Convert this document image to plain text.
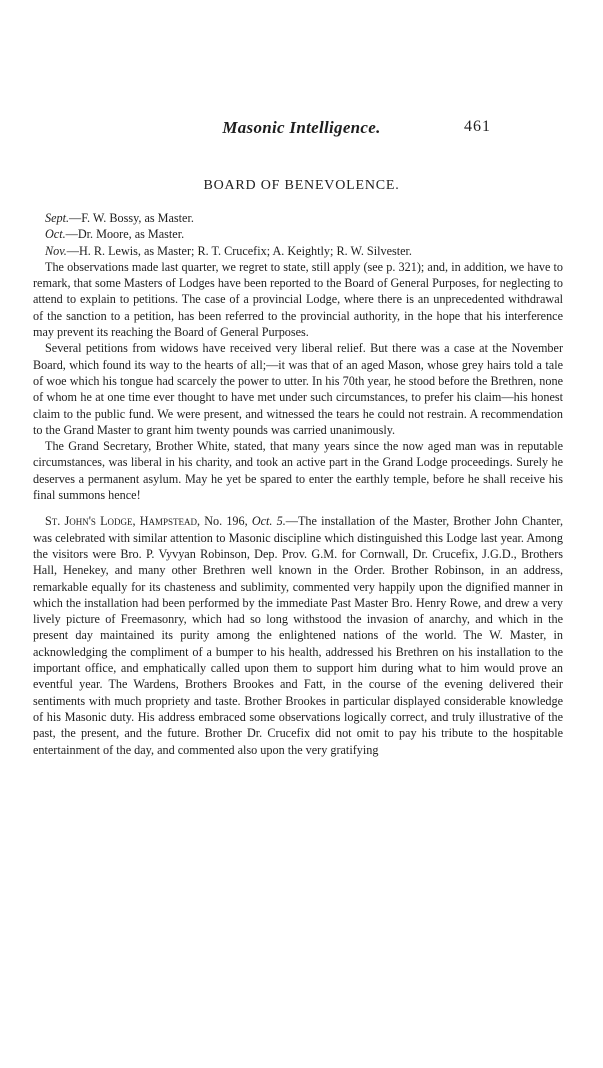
Masonic Intelligence.	461
BOARD OF BENEVOLENCE.

Sept.—F. W. Bossy, as Master.

Oct.—Dr. Moore, as Master.

Nov.—H. R. Lewis, as Master; R. T. Crucefix; A. Keightly; R. W. Silvester.

The observations made last quarter, we regret to state, still apply (see p. 321); and, in addition, we have to remark, that some Masters of Lodges have been reported to the Board of General Purposes, for neglecting to attend to explain to petitions. The case of a provincial Lodge, where there is an unprecedented withdrawal of the sanction to a petition, has been referred to the provincial authority, in the hope that his interference may prevent its reaching the Board of General Purposes.

Several petitions from widows have received very liberal relief. But there was a case at the November Board, which found its way to the hearts of all;—it was that of an aged Mason, whose grey hairs told a tale of woe which his tongue had scarcely the power to utter. In his 70th year, he stood before the Brethren, none of whom he at one time ever thought to have met under such circumstances, to prefer his claim—his honest claim to the public fund. We were present, and witnessed the tears he could not restrain. A recommendation to the Grand Master to grant him twenty pounds was carried unanimously.

The Grand Secretary, Brother White, stated, that many years since the now aged man was in reputable circumstances, was liberal in his charity, and took an active part in the Grand Lodge proceedings. Surely he deserves a permanent asylum. May he yet be spared to enter the earthly temple, before he shall receive his final summons hence!

St. John's Lodge, Hampstead, No. 196, Oct. 5.—The installation of the Master, Brother John Chanter, was celebrated with similar attention to Masonic discipline which distinguished this Lodge last year. Among the visitors were Bro. P. Vyvyan Robinson, Dep. Prov. G.M. for Cornwall, Dr. Crucefix, J.G.D., Brothers Hall, Henekey, and many other Brethren well known in the Order. Brother Robinson, in an address, remarkable equally for its chasteness and sublimity, commented very happily upon the dignified manner in which the installation had been performed by the immediate Past Master Bro. Henry Rowe, and drew a very lively picture of Freemasonry, which had so long withstood the invasion of anarchy, and which in the present day maintained its purity among the enlightened nations of the world. The W. Master, in acknowledging the compliment of a bumper to his health, addressed his Brethren on his installation to the important office, and emphatically called upon them to support him during what to him would prove an eventful year. The Wardens, Brothers Brookes and Fatt, in the course of the evening delivered their sentiments with much propriety and taste. Brother Brookes in particular displayed considerable knowledge of his Masonic duty. His address embraced some observations logically correct, and truly illustrative of the past, the present, and the future. Brother Dr. Crucefix did not omit to pay his tribute to the hospitable entertainment of the day, and commented also upon the very gratifying
